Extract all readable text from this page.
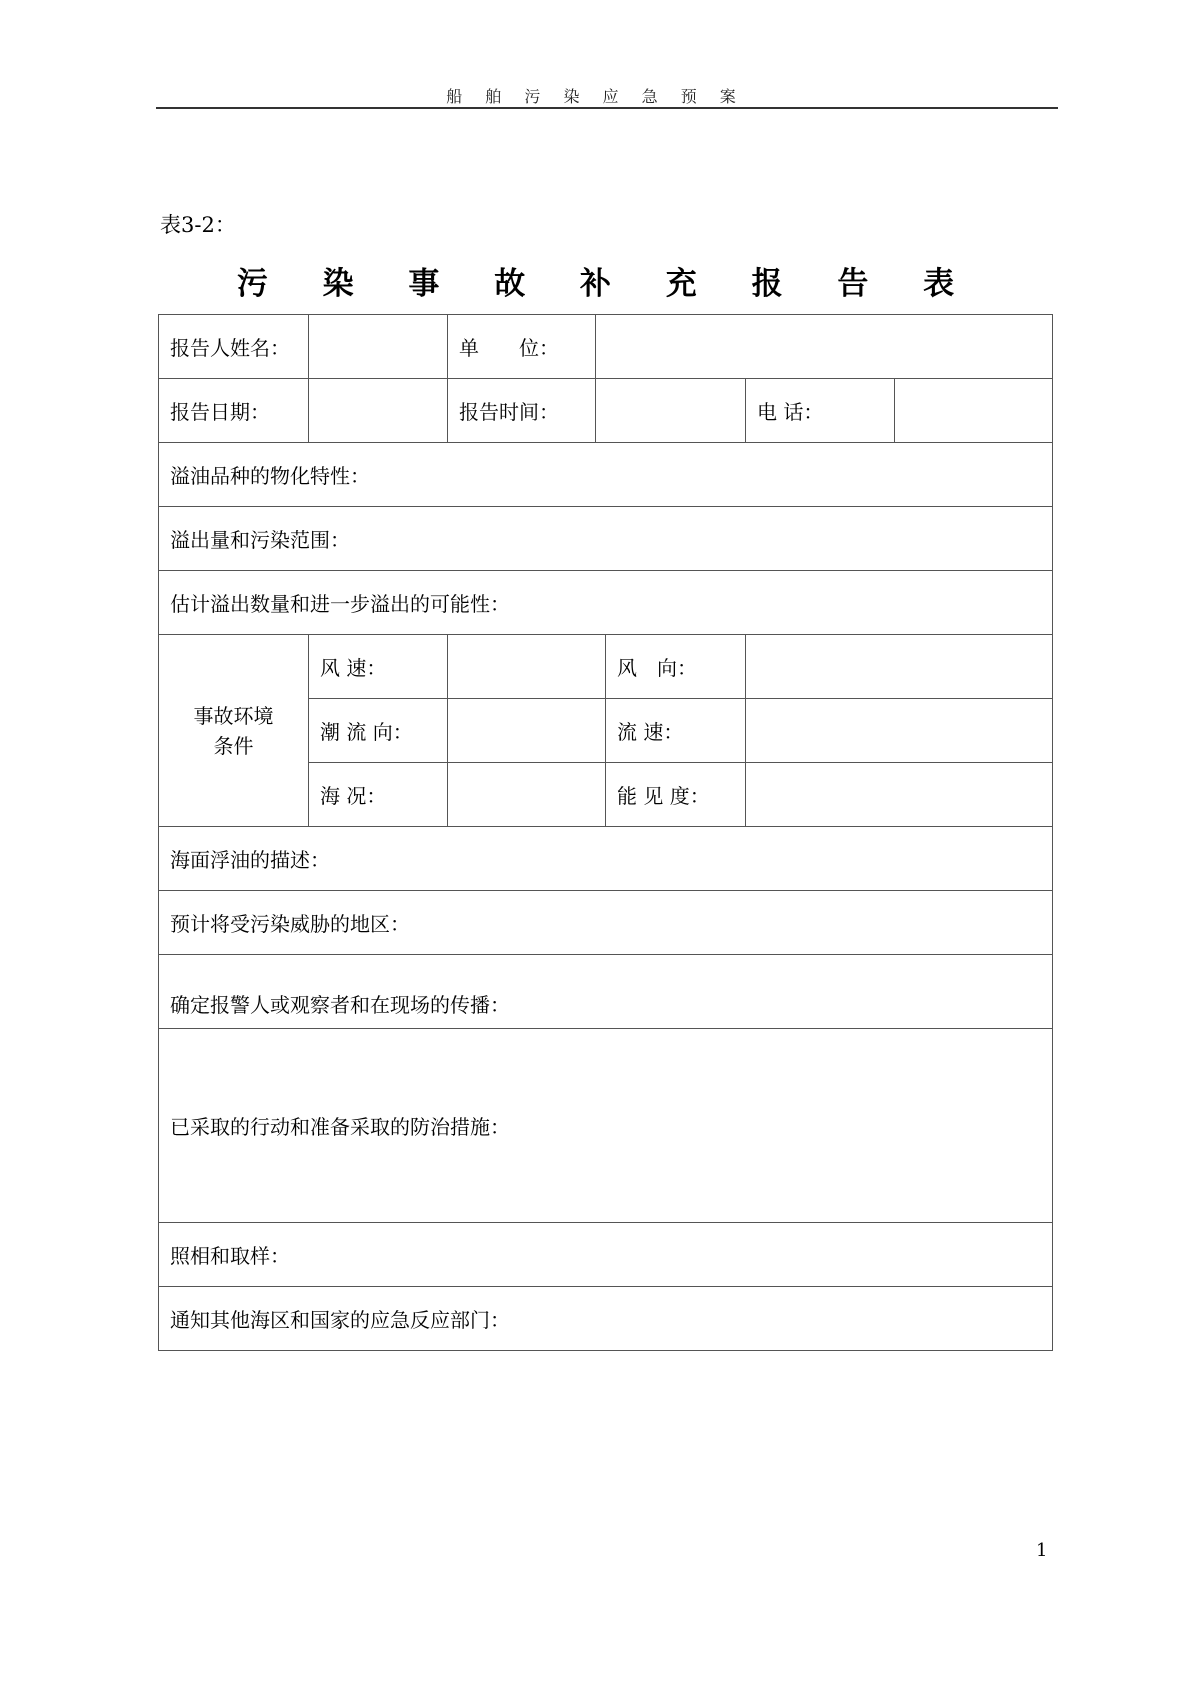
船 舶 污 染 应 急 预 案
表3-2：
污 染 事 故 补 充 报 告 表
报告人姓名：		单　　位：				
报告日期：		报告时间：			电 话：	
溢油品种的物化特性：						
溢出量和污染范围：						
估计溢出数量和进一步溢出的可能性：						

事故环境
条件	风 速：			风　向：		
	潮 流 向：			流 速：		
	海 况：			能 见 度：		
海面浮油的描述：						
预计将受污染威胁的地区：						
确定报警人或观察者和在现场的传播：						
已采取的行动和准备采取的防治措施：						
照相和取样：						
通知其他海区和国家的应急反应部门：						
1
